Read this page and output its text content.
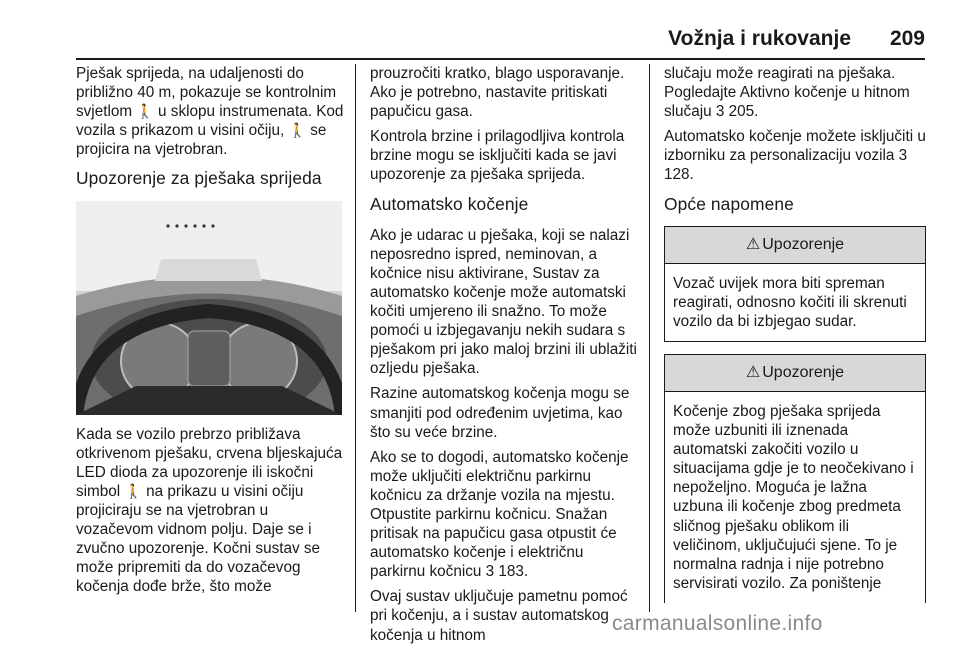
Vožnja i rukovanje 209

Pješak sprijeda, na udaljenosti do približno 40 m, pokazuje se kontrolnim svjetlom 🚶 u sklopu instrumenata. Kod vozila s prikazom u visini očiju, 🚶 se projicira na vjetrobran.

Upozorenje za pješaka sprijeda

Kada se vozilo prebrzo približava otkrivenom pješaku, crvena bljeskajuća LED dioda za upozorenje ili iskočni simbol 🚶 na prikazu u visini očiju projiciraju se na vjetrobran u vozačevom vidnom polju. Daje se i zvučno upozorenje. Kočni sustav se može pripremiti da do vozačevog kočenja dođe brže, što može

prouzročiti kratko, blago usporavanje. Ako je potrebno, nastavite pritiskati papučicu gasa.

Kontrola brzine i prilagodljiva kontrola brzine mogu se isključiti kada se javi upozorenje za pješaka sprijeda.

Automatsko kočenje

Ako je udarac u pješaka, koji se nalazi neposredno ispred, neminovan, a kočnice nisu aktivirane, Sustav za automatsko kočenje može automatski kočiti umjereno ili snažno. To može pomoći u izbjegavanju nekih sudara s pješakom pri jako maloj brzini ili ublažiti ozljedu pješaka.

Razine automatskog kočenja mogu se smanjiti pod određenim uvjetima, kao što su veće brzine.

Ako se to dogodi, automatsko kočenje može uključiti električnu parkirnu kočnicu za držanje vozila na mjestu. Otpustite parkirnu kočnicu. Snažan pritisak na papučicu gasa otpustit će automatsko kočenje i električnu parkirnu kočnicu 3 183.

Ovaj sustav uključuje pametnu pomoć pri kočenju, a i sustav automatskog kočenja u hitnom

slučaju može reagirati na pješaka. Pogledajte Aktivno kočenje u hitnom slučaju 3 205.

Automatsko kočenje možete isključiti u izborniku za personalizaciju vozila 3 128.

Opće napomene
⚠ Upozorenje

Vozač uvijek mora biti spreman reagirati, odnosno kočiti ili skrenuti vozilo da bi izbjegao sudar.

⚠ Upozorenje

Kočenje zbog pješaka sprijeda može uzbuniti ili iznenada automatski zakočiti vozilo u situacijama gdje je to neočekivano i nepoželjno. Moguća je lažna uzbuna ili kočenje zbog predmeta sličnog pješaku oblikom ili veličinom, uključujući sjene. To je normalna radnja i nije potrebno servisirati vozilo. Za poništenje

carmanualsonline.info
